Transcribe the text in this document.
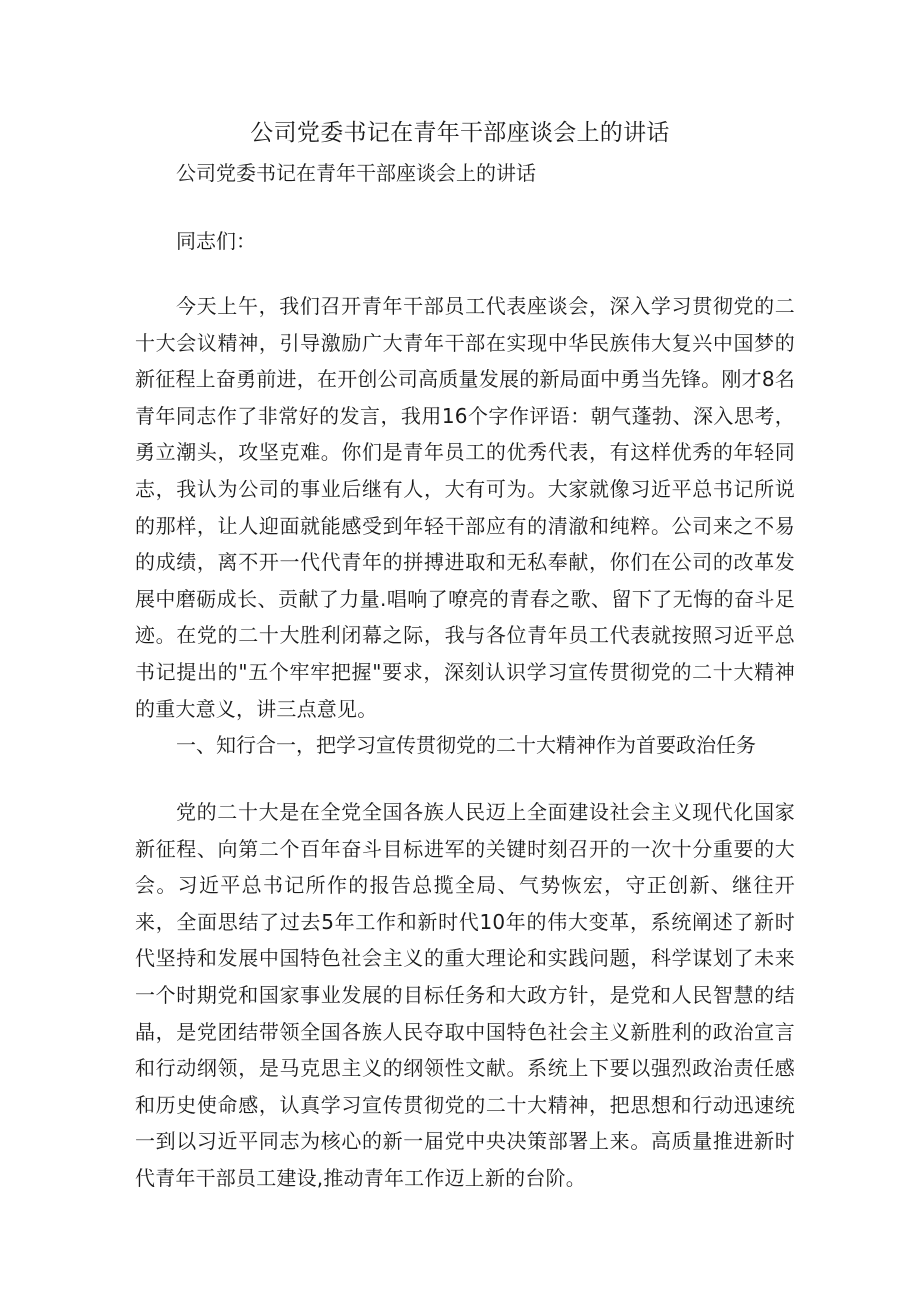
公司党委书记在青年干部座谈会上的讲话
公司党委书记在青年干部座谈会上的讲话
同志们：

今天上午，我们召开青年干部员工代表座谈会，深入学习贯彻党的二十大会议精神，引导激励广大青年干部在实现中华民族伟大复兴中国梦的新征程上奋勇前进，在开创公司高质量发展的新局面中勇当先锋。刚才8名青年同志作了非常好的发言，我用16个字作评语：朝气蓬勃、深入思考，勇立潮头，攻坚克难。你们是青年员工的优秀代表，有这样优秀的年轻同志，我认为公司的事业后继有人，大有可为。大家就像习近平总书记所说的那样，让人迎面就能感受到年轻干部应有的清澈和纯粹。公司来之不易的成绩，离不开一代代青年的拼搏进取和无私奉献，你们在公司的改革发展中磨砺成长、贡献了力量.唱响了嘹亮的青春之歌、留下了无悔的奋斗足迹。在党的二十大胜利闭幕之际，我与各位青年员工代表就按照习近平总书记提出的"五个牢牢把握"要求，深刻认识学习宣传贯彻党的二十大精神的重大意义，讲三点意见。

一、知行合一，把学习宣传贯彻党的二十大精神作为首要政治任务

党的二十大是在全党全国各族人民迈上全面建设社会主义现代化国家新征程、向第二个百年奋斗目标进军的关键时刻召开的一次十分重要的大会。习近平总书记所作的报告总揽全局、气势恢宏，守正创新、继往开来，全面思结了过去5年工作和新时代10年的伟大变革，系统阐述了新时代坚持和发展中国特色社会主义的重大理论和实践问题，科学谋划了未来一个时期党和国家事业发展的目标任务和大政方针，是党和人民智慧的结晶，是党团结带领全国各族人民夺取中国特色社会主义新胜利的政治宣言和行动纲领，是马克思主义的纲领性文献。系统上下要以强烈政治责任感和历史使命感，认真学习宣传贯彻党的二十大精神，把思想和行动迅速统一到以习近平同志为核心的新一届党中央决策部署上来。高质量推进新时代青年干部员工建设,推动青年工作迈上新的台阶。
